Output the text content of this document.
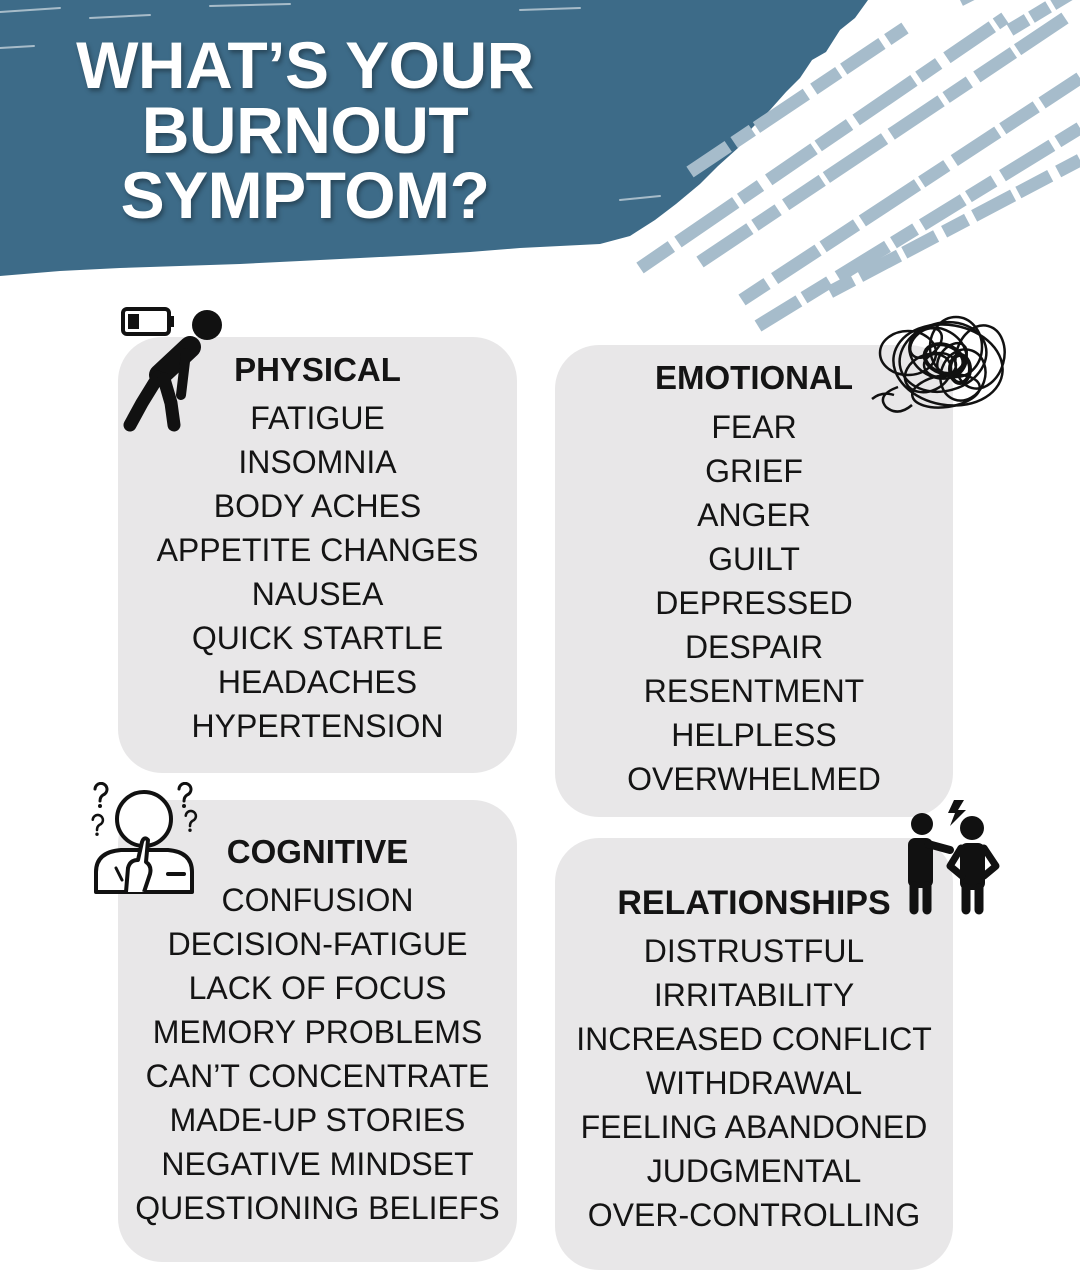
WHAT’S YOUR
BURNOUT
SYMPTOM?
PHYSICAL
FATIGUE
INSOMNIA
BODY ACHES
APPETITE CHANGES
NAUSEA
QUICK STARTLE
HEADACHES
HYPERTENSION
EMOTIONAL
FEAR
GRIEF
ANGER
GUILT
DEPRESSED
DESPAIR
RESENTMENT
HELPLESS
OVERWHELMED
COGNITIVE
CONFUSION
DECISION-FATIGUE
LACK OF FOCUS
MEMORY PROBLEMS
CAN’T CONCENTRATE
MADE-UP STORIES
NEGATIVE MINDSET
QUESTIONING BELIEFS
RELATIONSHIPS
DISTRUSTFUL
IRRITABILITY
INCREASED CONFLICT
WITHDRAWAL
FEELING ABANDONED
JUDGMENTAL
OVER-CONTROLLING
